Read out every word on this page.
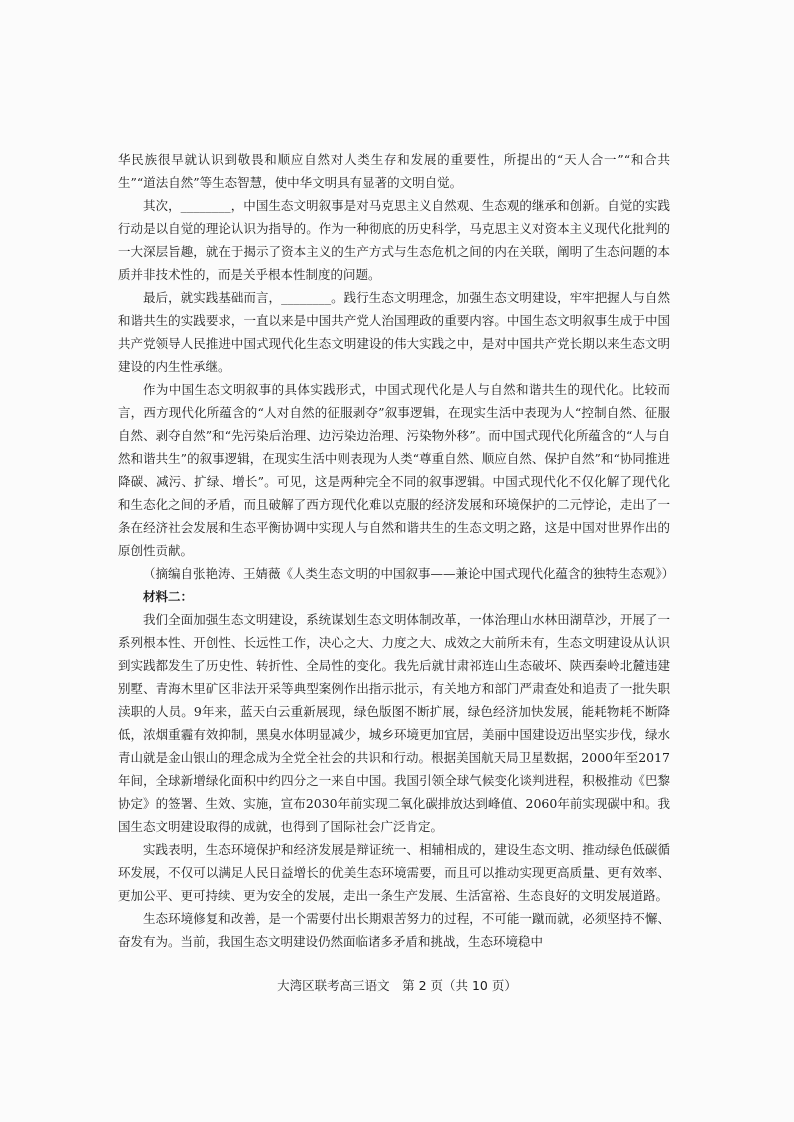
华民族很早就认识到敬畏和顺应自然对人类生存和发展的重要性，所提出的“天人合一”“和合共生”“道法自然”等生态智慧，使中华文明具有显著的文明自觉。

其次，________，中国生态文明叙事是对马克思主义自然观、生态观的继承和创新。自觉的实践行动是以自觉的理论认识为指导的。作为一种彻底的历史科学，马克思主义对资本主义现代化批判的一大深层旨趣，就在于揭示了资本主义的生产方式与生态危机之间的内在关联，阐明了生态问题的本质并非技术性的，而是关乎根本性制度的问题。

最后，就实践基础而言，________。践行生态文明理念，加强生态文明建设，牢牢把握人与自然和谐共生的实践要求，一直以来是中国共产党人治国理政的重要内容。中国生态文明叙事生成于中国共产党领导人民推进中国式现代化生态文明建设的伟大实践之中，是对中国共产党长期以来生态文明建设的内生性承继。

作为中国生态文明叙事的具体实践形式，中国式现代化是人与自然和谐共生的现代化。比较而言，西方现代化所蕴含的“人对自然的征服剥夺”叙事逻辑，在现实生活中表现为人“控制自然、征服自然、剥夺自然”和“先污染后治理、边污染边治理、污染物外移”。而中国式现代化所蕴含的“人与自然和谐共生”的叙事逻辑，在现实生活中则表现为人类“尊重自然、顺应自然、保护自然”和“协同推进降碳、减污、扩绿、增长”。可见，这是两种完全不同的叙事逻辑。中国式现代化不仅化解了现代化和生态化之间的矛盾，而且破解了西方现代化难以克服的经济发展和环境保护的二元悖论，走出了一条在经济社会发展和生态平衡协调中实现人与自然和谐共生的生态文明之路，这是中国对世界作出的原创性贡献。

（摘编自张艳涛、王婧薇《人类生态文明的中国叙事——兼论中国式现代化蕴含的独特生态观》）

材料二：

我们全面加强生态文明建设，系统谋划生态文明体制改革，一体治理山水林田湖草沙，开展了一系列根本性、开创性、长远性工作，决心之大、力度之大、成效之大前所未有，生态文明建设从认识到实践都发生了历史性、转折性、全局性的变化。我先后就甘肃祁连山生态破坏、陕西秦岭北麓违建别墅、青海木里矿区非法开采等典型案例作出指示批示，有关地方和部门严肃查处和追责了一批失职渎职的人员。9年来，蓝天白云重新展现，绿色版图不断扩展，绿色经济加快发展，能耗物耗不断降低，浓烟重霾有效抑制，黑臭水体明显减少，城乡环境更加宜居，美丽中国建设迈出坚实步伐，绿水青山就是金山银山的理念成为全党全社会的共识和行动。根据美国航天局卫星数据，2000年至2017年间，全球新增绿化面积中约四分之一来自中国。我国引领全球气候变化谈判进程，积极推动《巴黎协定》的签署、生效、实施，宣布2030年前实现二氧化碳排放达到峰值、2060年前实现碳中和。我国生态文明建设取得的成就，也得到了国际社会广泛肯定。

实践表明，生态环境保护和经济发展是辩证统一、相辅相成的，建设生态文明、推动绿色低碳循环发展，不仅可以满足人民日益增长的优美生态环境需要，而且可以推动实现更高质量、更有效率、更加公平、更可持续、更为安全的发展，走出一条生产发展、生活富裕、生态良好的文明发展道路。

生态环境修复和改善，是一个需要付出长期艰苦努力的过程，不可能一蹴而就，必须坚持不懈、奋发有为。当前，我国生态文明建设仍然面临诸多矛盾和挑战，生态环境稳中

大湾区联考高三语文　第 2 页（共 10 页）
